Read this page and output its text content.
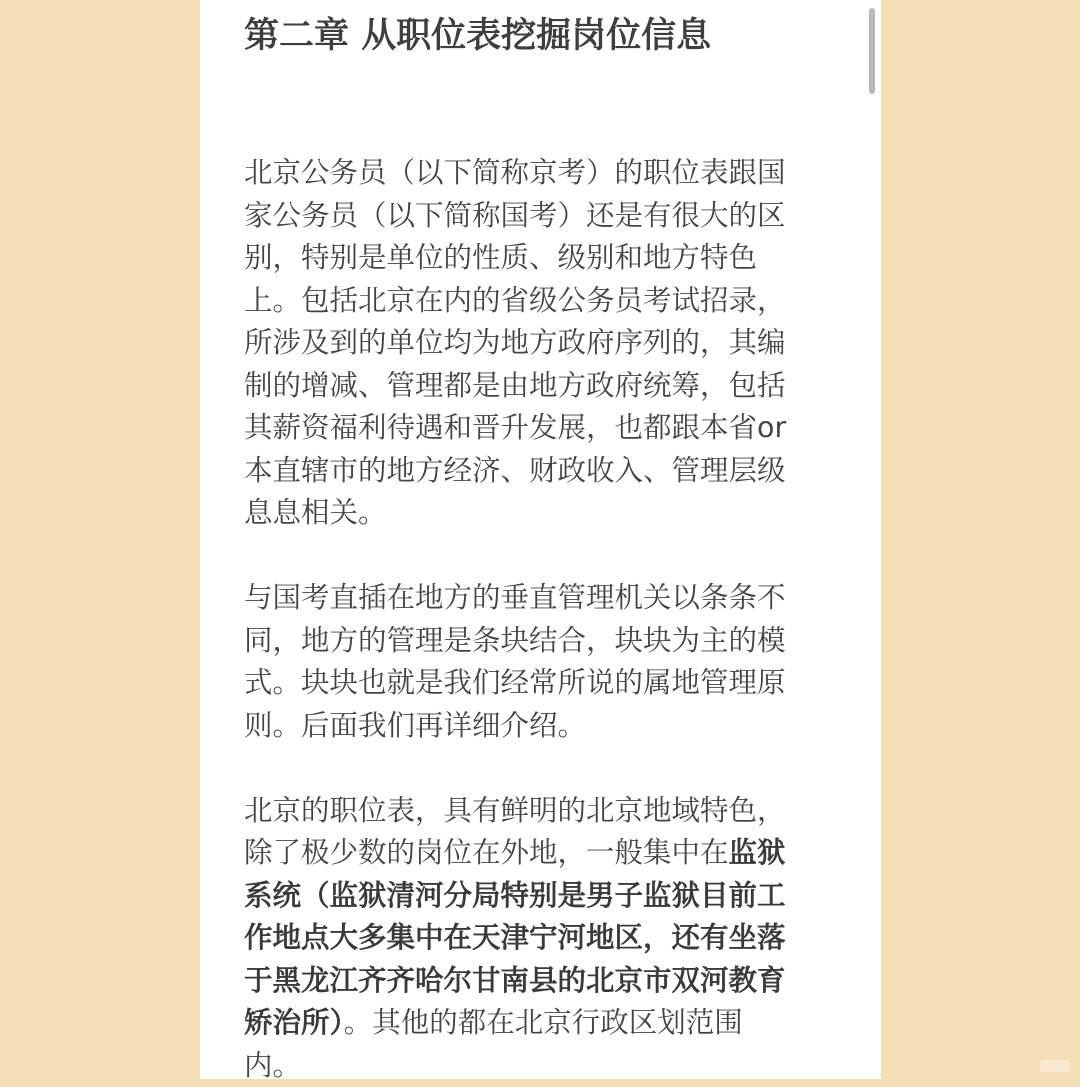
第二章 从职位表挖掘岗位信息
北京公务员（以下简称京考）的职位表跟国
家公务员（以下简称国考）还是有很大的区
别，特别是单位的性质、级别和地方特色
上。包括北京在内的省级公务员考试招录，
所涉及到的单位均为地方政府序列的，其编
制的增减、管理都是由地方政府统筹，包括
其薪资福利待遇和晋升发展，也都跟本省or
本直辖市的地方经济、财政收入、管理层级
息息相关。
与国考直插在地方的垂直管理机关以条条不
同，地方的管理是条块结合，块块为主的模
式。块块也就是我们经常所说的属地管理原
则。后面我们再详细介绍。
北京的职位表，具有鲜明的北京地域特色，
除了极少数的岗位在外地，一般集中在监狱
系统（监狱清河分局特别是男子监狱目前工
作地点大多集中在天津宁河地区，还有坐落
于黑龙江齐齐哈尔甘南县的北京市双河教育
矫治所）。其他的都在北京行政区划范围
内。
